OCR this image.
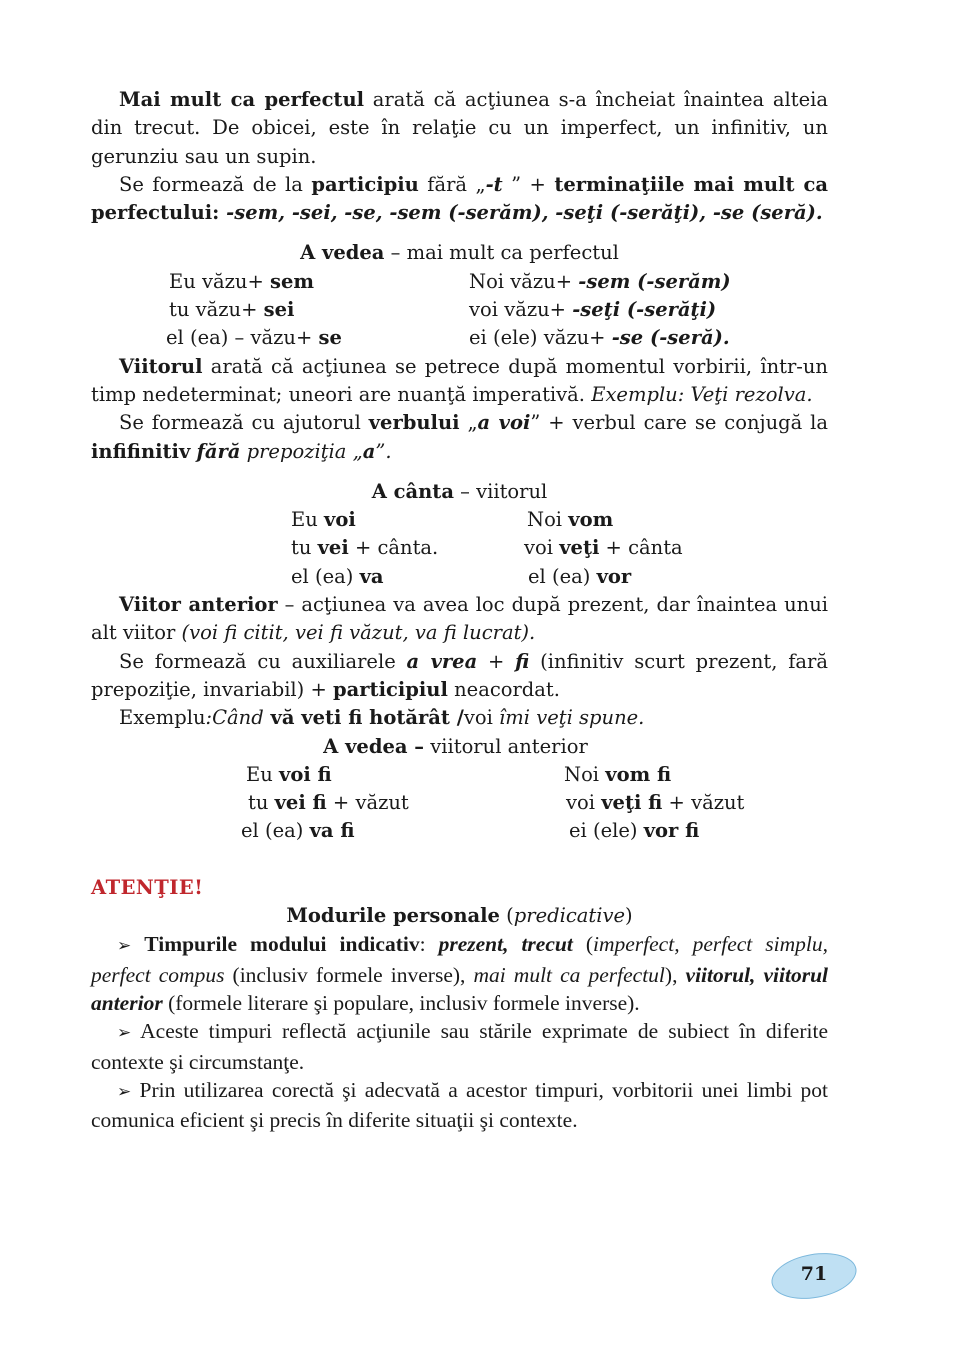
Mai mult ca perfectul arată că acţiunea s-a încheiat înaintea alteia din trecut. De obicei, este în relaţie cu un imperfect, un infinitiv, un gerunziu sau un supin.

Se formează de la participiu fără „-t ” + terminaţiile mai mult ca perfectului: -sem, -sei, -se, -sem (-serăm), -seţi (-serăţi), -se (seră).

A vedea – mai mult ca perfectul

Eu văzu+ sem	Noi văzu+ -sem (-serăm)
tu văzu+ sei	voi văzu+ -seţi (-serăţi)
el (ea) – văzu+ se	ei (ele) văzu+ -se (-seră).

Viitorul arată că acţiunea se petrece după momentul vorbirii, într-un timp nedeterminat; uneori are nuanţă imperativă. Exemplu: Veţi rezolva.

Se formează cu ajutorul verbului „a voi” + verbul care se conjugă la infifinitiv fără prepoziţia „a”.

A cânta – viitorul

Eu voi	Noi vom
tu vei + cânta.	voi veţi + cânta
el (ea) va	el (ea) vor

Viitor anterior – acţiunea va avea loc după prezent, dar înaintea unui alt viitor (voi fi citit, vei fi văzut, va fi lucrat).

Se formează cu auxiliarele a vrea + fi (infinitiv scurt prezent, fară prepoziţie, invariabil) + participiul neacordat.

Exemplu:Când vă veti fi hotărât /voi îmi veţi spune.

A vedea – viitorul anterior

Eu voi fi	Noi vom fi
tu vei fi + văzut	voi veţi fi + văzut
el (ea) va fi	ei (ele) vor fi

ATENŢIE!

Modurile personale (predicative)

➢ Timpurile modului indicativ: prezent, trecut (imperfect, perfect simplu, perfect compus (inclusiv formele inverse), mai mult ca perfectul), viitorul, viitorul anterior (formele literare şi populare, inclusiv formele inverse).

➢ Aceste timpuri reflectă acţiunile sau stările exprimate de subiect în diferite contexte şi circumstanţe.

➢ Prin utilizarea corectă şi adecvată a acestor timpuri, vorbitorii unei limbi pot comunica eficient şi precis în diferite situaţii şi contexte.

71
